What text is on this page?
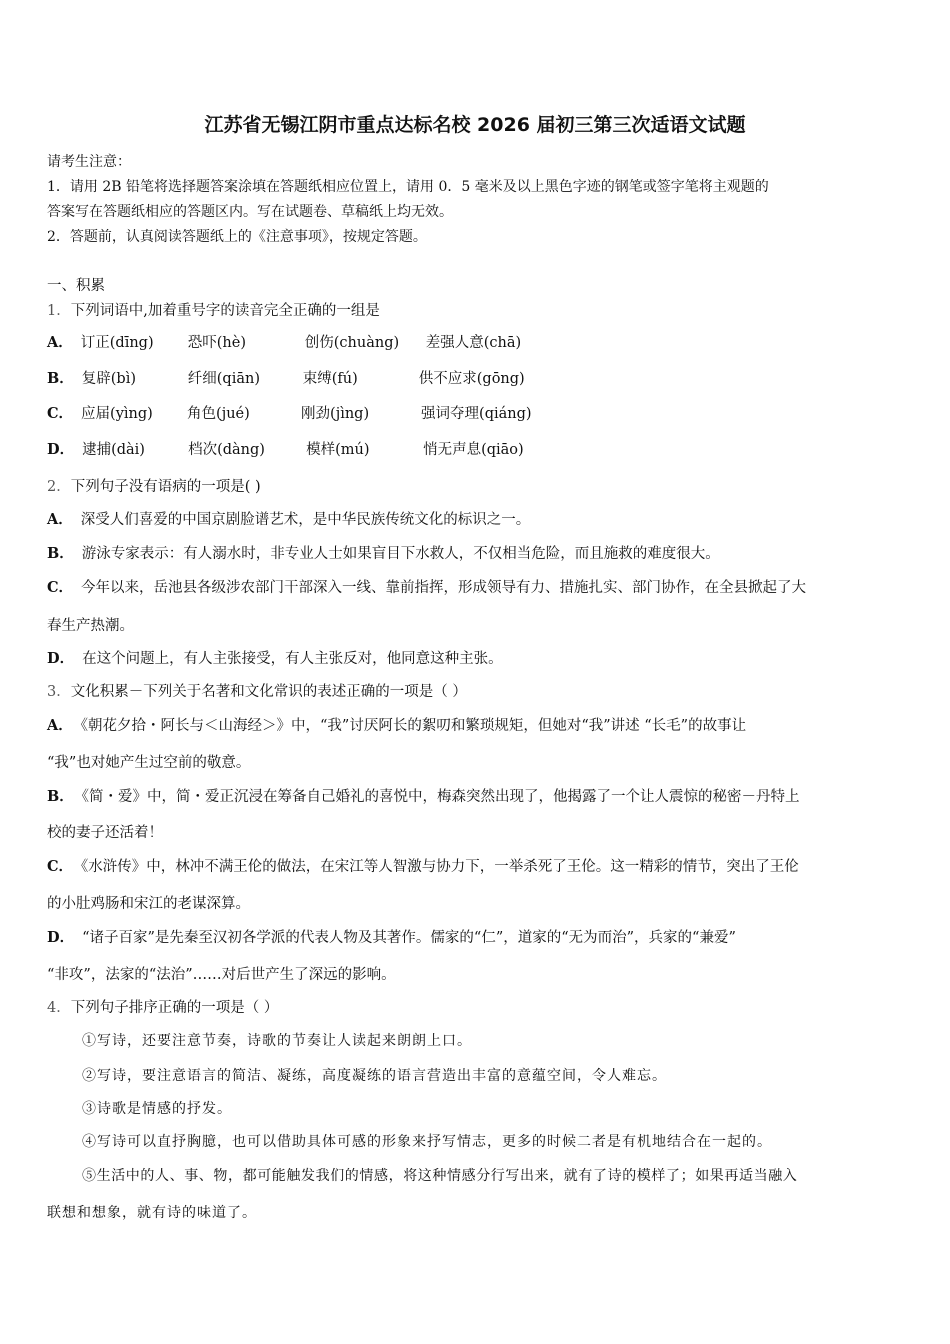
江苏省无锡江阴市重点达标名校 2026 届初三第三次适语文试题
请考生注意：
1．请用 2B 铅笔将选择题答案涂填在答题纸相应位置上，请用 0．5 毫米及以上黑色字迹的钢笔或签字笔将主观题的
答案写在答题纸相应的答题区内。写在试题卷、草稿纸上均无效。
2．答题前，认真阅读答题纸上的《注意事项》，按规定答题。
一、积累
1．下列词语中,加着重号字的读音完全正确的一组是
A． 订正(dīng) 恐吓(hè)	创伤(chuàng) 差强人意(chā)
B． 复辟(bì)	纤细(qiān)	束缚(fú)	供不应求(gōng)
C． 应届(yìng) 角色(jué)	刚劲(jìng)	强词夺理(qiáng)
D． 逮捕(dài)	档次(dàng)	模样(mú)	悄无声息(qiāo)
2．下列句子没有语病的一项是( )
A． 深受人们喜爱的中国京剧脸谱艺术，是中华民族传统文化的标识之一。
B． 游泳专家表示：有人溺水时，非专业人士如果盲目下水救人，不仅相当危险，而且施救的难度很大。
C． 今年以来，岳池县各级涉农部门干部深入一线、靠前指挥，形成领导有力、措施扎实、部门协作，在全县掀起了大
春生产热潮。
D． 在这个问题上，有人主张接受，有人主张反对，他同意这种主张。
3．文化积累－下列关于名著和文化常识的表述正确的一项是（ ）
A． 《朝花夕拾・阿长与＜山海经＞》中，“我”讨厌阿长的絮叨和繁琐规矩，但她对“我”讲述 “长毛”的故事让
“我”也对她产生过空前的敬意。
B． 《简・爱》中，简・爱正沉浸在筹备自己婚礼的喜悦中，梅森突然出现了，他揭露了一个让人震惊的秘密－丹特上
校的妻子还活着！
C． 《水浒传》中，林冲不满王伦的做法，在宋江等人智激与协力下，一举杀死了王伦。这一精彩的情节，突出了王伦
的小肚鸡肠和宋江的老谋深算。
D． “诸子百家”是先秦至汉初各学派的代表人物及其著作。儒家的“仁”，道家的“无为而治”，兵家的“兼爱”
“非攻”，法家的“法治”……对后世产生了深远的影响。
4．下列句子排序正确的一项是（ ）
①写诗，还要注意节奏，诗歌的节奏让人读起来朗朗上口。
②写诗，要注意语言的简洁、凝练，高度凝练的语言营造出丰富的意蕴空间，令人难忘。
③诗歌是情感的抒发。
④写诗可以直抒胸臆，也可以借助具体可感的形象来抒写情志，更多的时候二者是有机地结合在一起的。
⑤生活中的人、事、物，都可能触发我们的情感，将这种情感分行写出来，就有了诗的模样了；如果再适当融入
联想和想象，就有诗的味道了。
